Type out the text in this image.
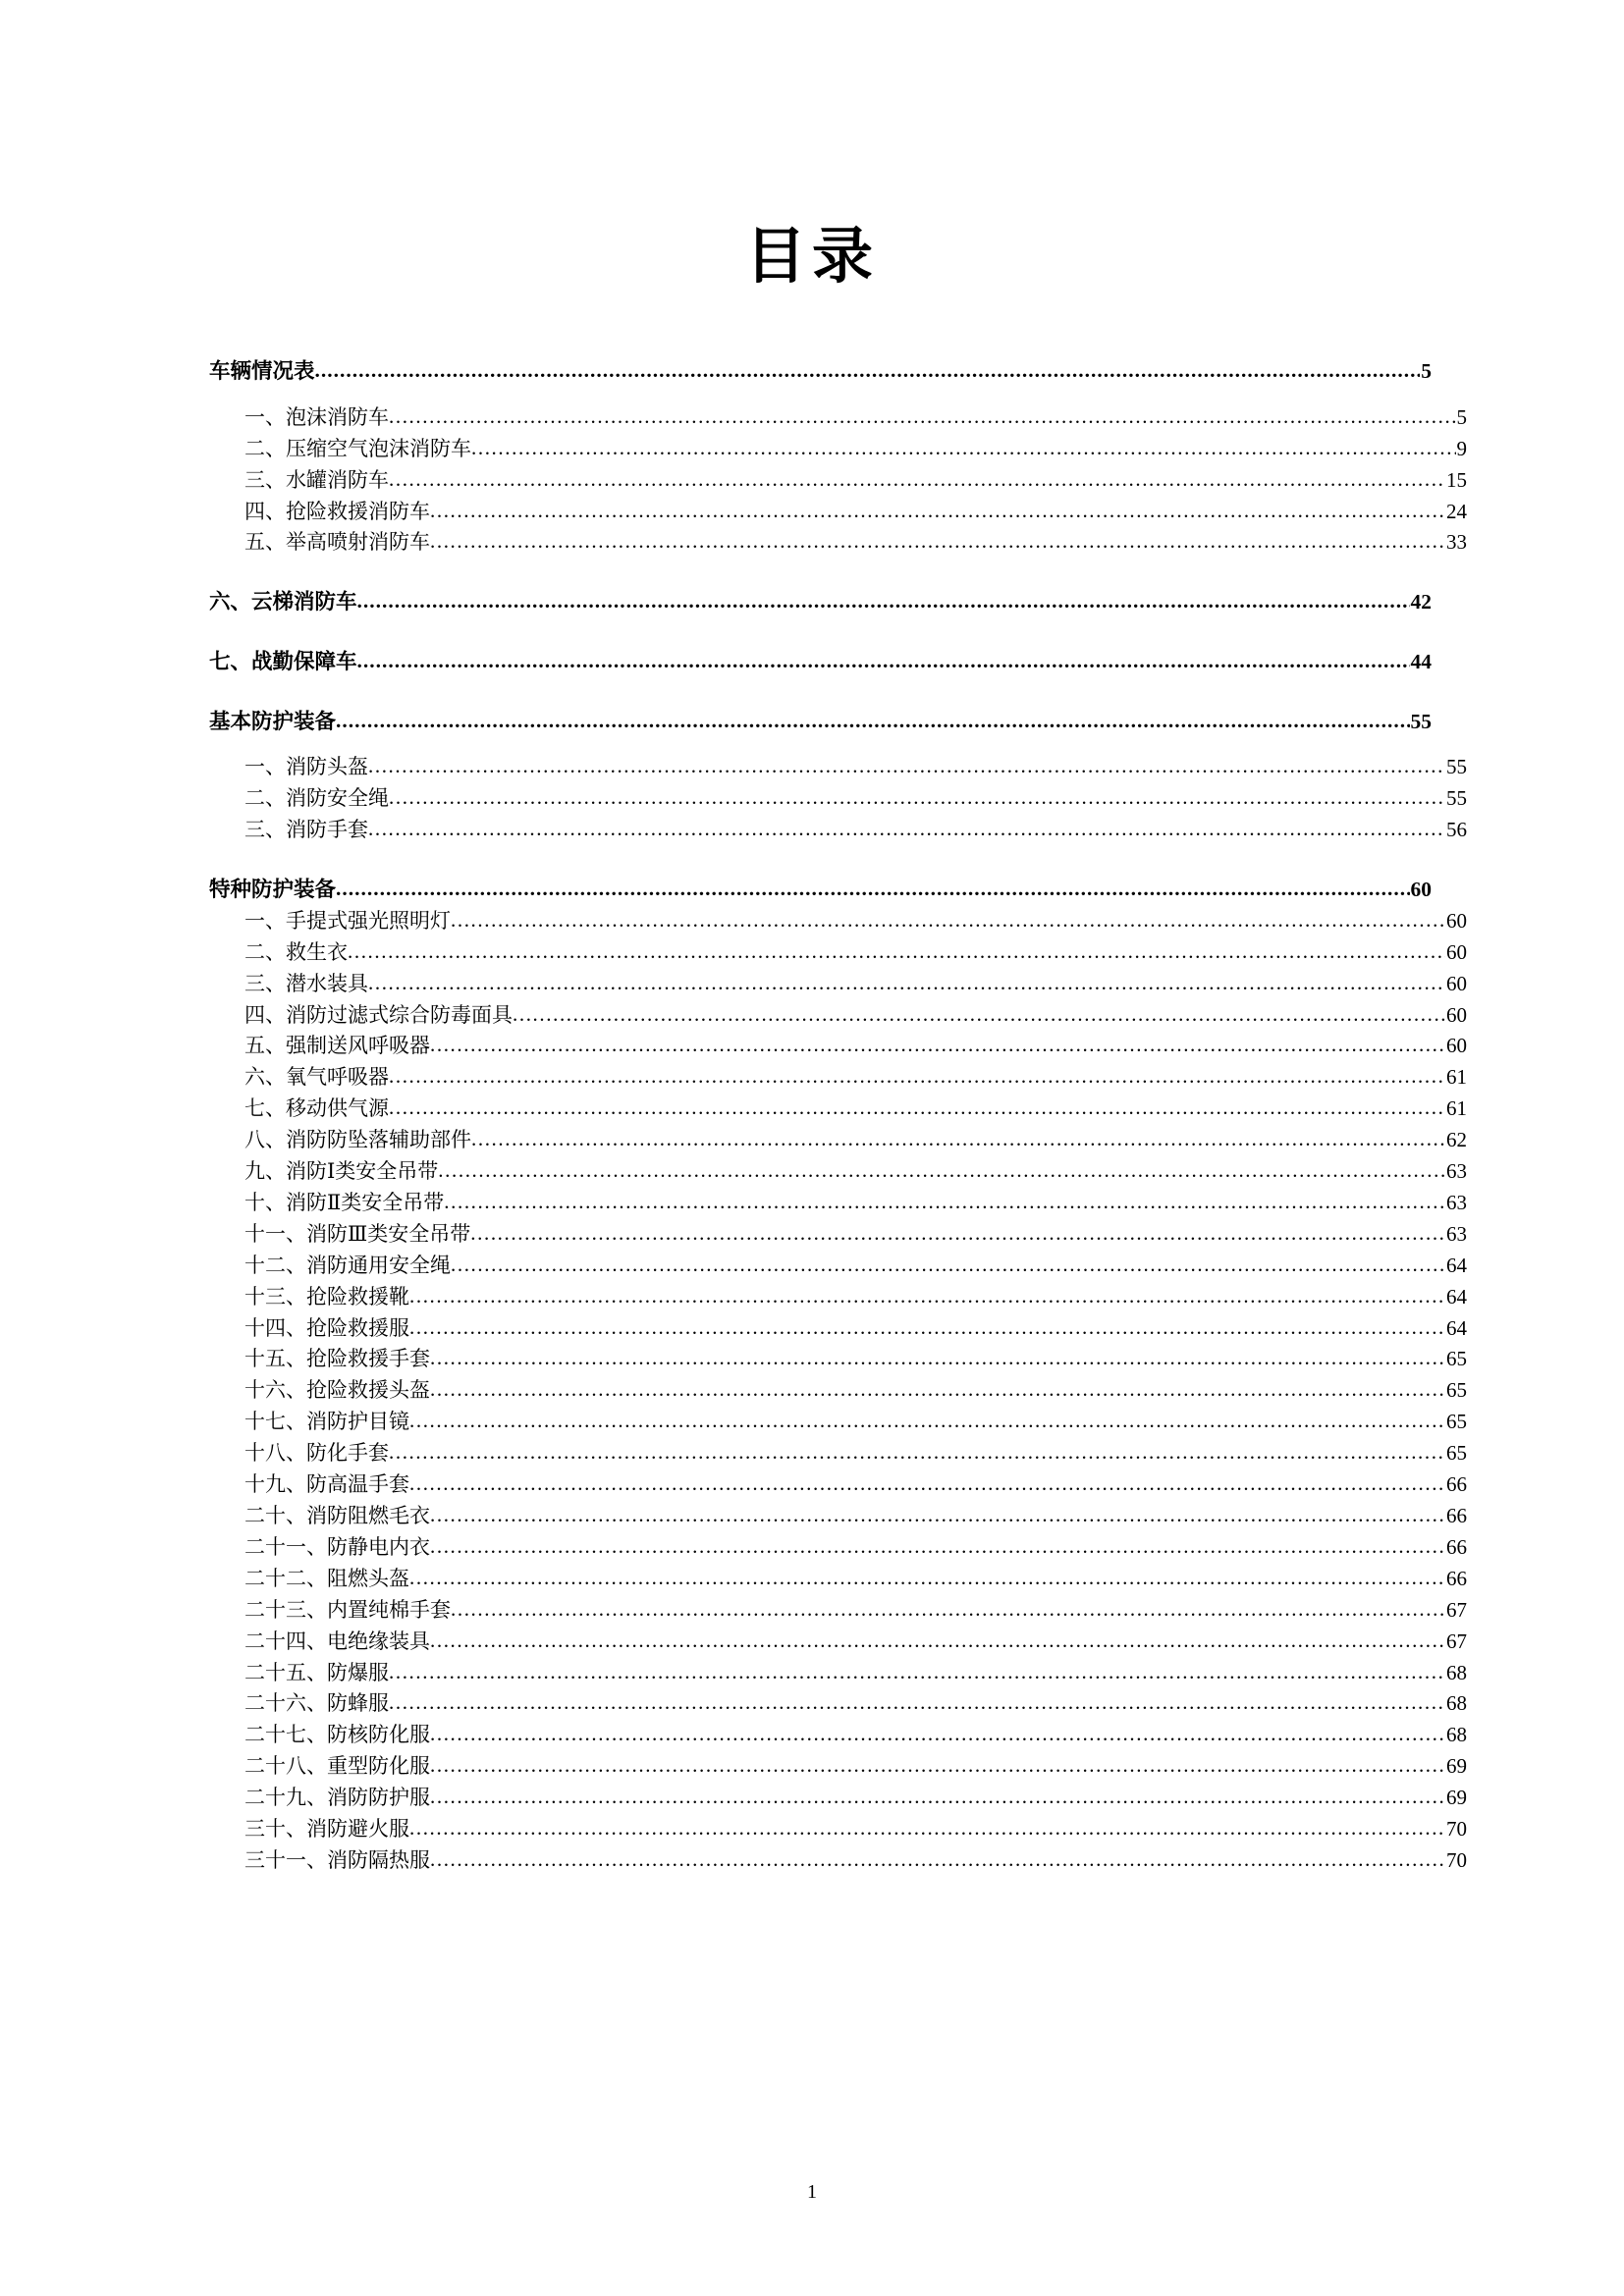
目录
车辆情况表 .....	5
一、泡沫消防车 .....	5
二、压缩空气泡沫消防车 .....	9
三、水罐消防车 .....	15
四、抢险救援消防车 .....	24
五、举高喷射消防车 .....	33
六、云梯消防车 .....	42
七、战勤保障车 .....	44
基本防护装备 .....	55
一、消防头盔 .....	55
二、消防安全绳 .....	55
三、消防手套 .....	56
特种防护装备 .....	60
一、手提式强光照明灯 .....	60
二、救生衣 .....	60
三、潜水装具 .....	60
四、消防过滤式综合防毒面具 .....	60
五、强制送风呼吸器 .....	60
六、氧气呼吸器 .....	61
七、移动供气源 .....	61
八、消防防坠落辅助部件 .....	62
九、消防Ⅰ类安全吊带 .....	63
十、消防Ⅱ类安全吊带 .....	63
十一、消防Ⅲ类安全吊带 .....	63
十二、消防通用安全绳 .....	64
十三、抢险救援靴 .....	64
十四、抢险救援服 .....	64
十五、抢险救援手套 .....	65
十六、抢险救援头盔 .....	65
十七、消防护目镜 .....	65
十八、防化手套 .....	65
十九、防高温手套 .....	66
二十、消防阻燃毛衣 .....	66
二十一、防静电内衣 .....	66
二十二、阻燃头盔 .....	66
二十三、内置纯棉手套 .....	67
二十四、电绝缘装具 .....	67
二十五、防爆服 .....	68
二十六、防蜂服 .....	68
二十七、防核防化服 .....	68
二十八、重型防化服 .....	69
二十九、消防防护服 .....	69
三十、消防避火服 .....	70
三十一、消防隔热服 .....	70
1
